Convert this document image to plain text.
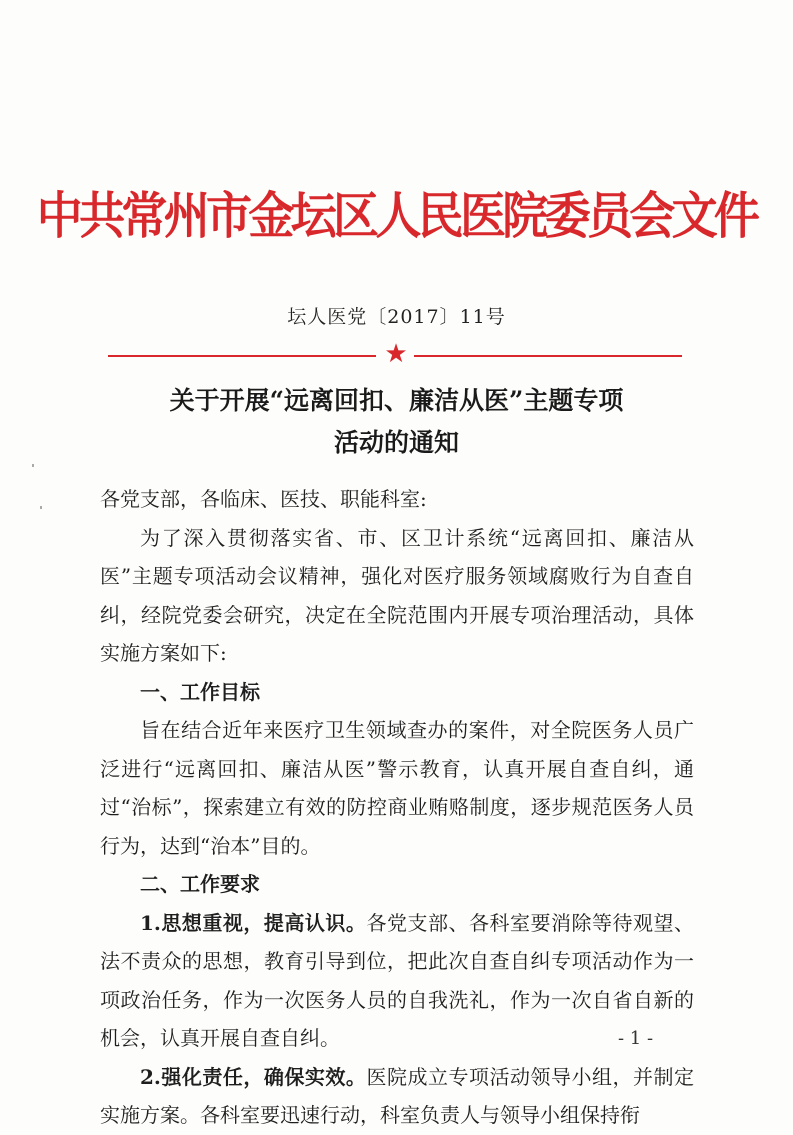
中共常州市金坛区人民医院委员会文件
坛人医党〔2017〕11号
★
关于开展“远离回扣、廉洁从医”主题专项
活动的通知

各党支部，各临床、医技、职能科室:

为了深入贯彻落实省、市、区卫计系统“远离回扣、廉洁从医”主题专项活动会议精神，强化对医疗服务领域腐败行为自查自纠，经院党委会研究，决定在全院范围内开展专项治理活动，具体实施方案如下:

一、工作目标

旨在结合近年来医疗卫生领域查办的案件，对全院医务人员广泛进行“远离回扣、廉洁从医”警示教育，认真开展自查自纠，通过“治标”，探索建立有效的防控商业贿赂制度，逐步规范医务人员行为，达到“治本”目的。

二、工作要求

1.思想重视，提高认识。各党支部、各科室要消除等待观望、法不责众的思想，教育引导到位，把此次自查自纠专项活动作为一项政治任务，作为一次医务人员的自我洗礼，作为一次自省自新的机会，认真开展自查自纠。

2.强化责任，确保实效。医院成立专项活动领导小组，并制定实施方案。各科室要迅速行动，科室负责人与领导小组保持衔

- 1 -
